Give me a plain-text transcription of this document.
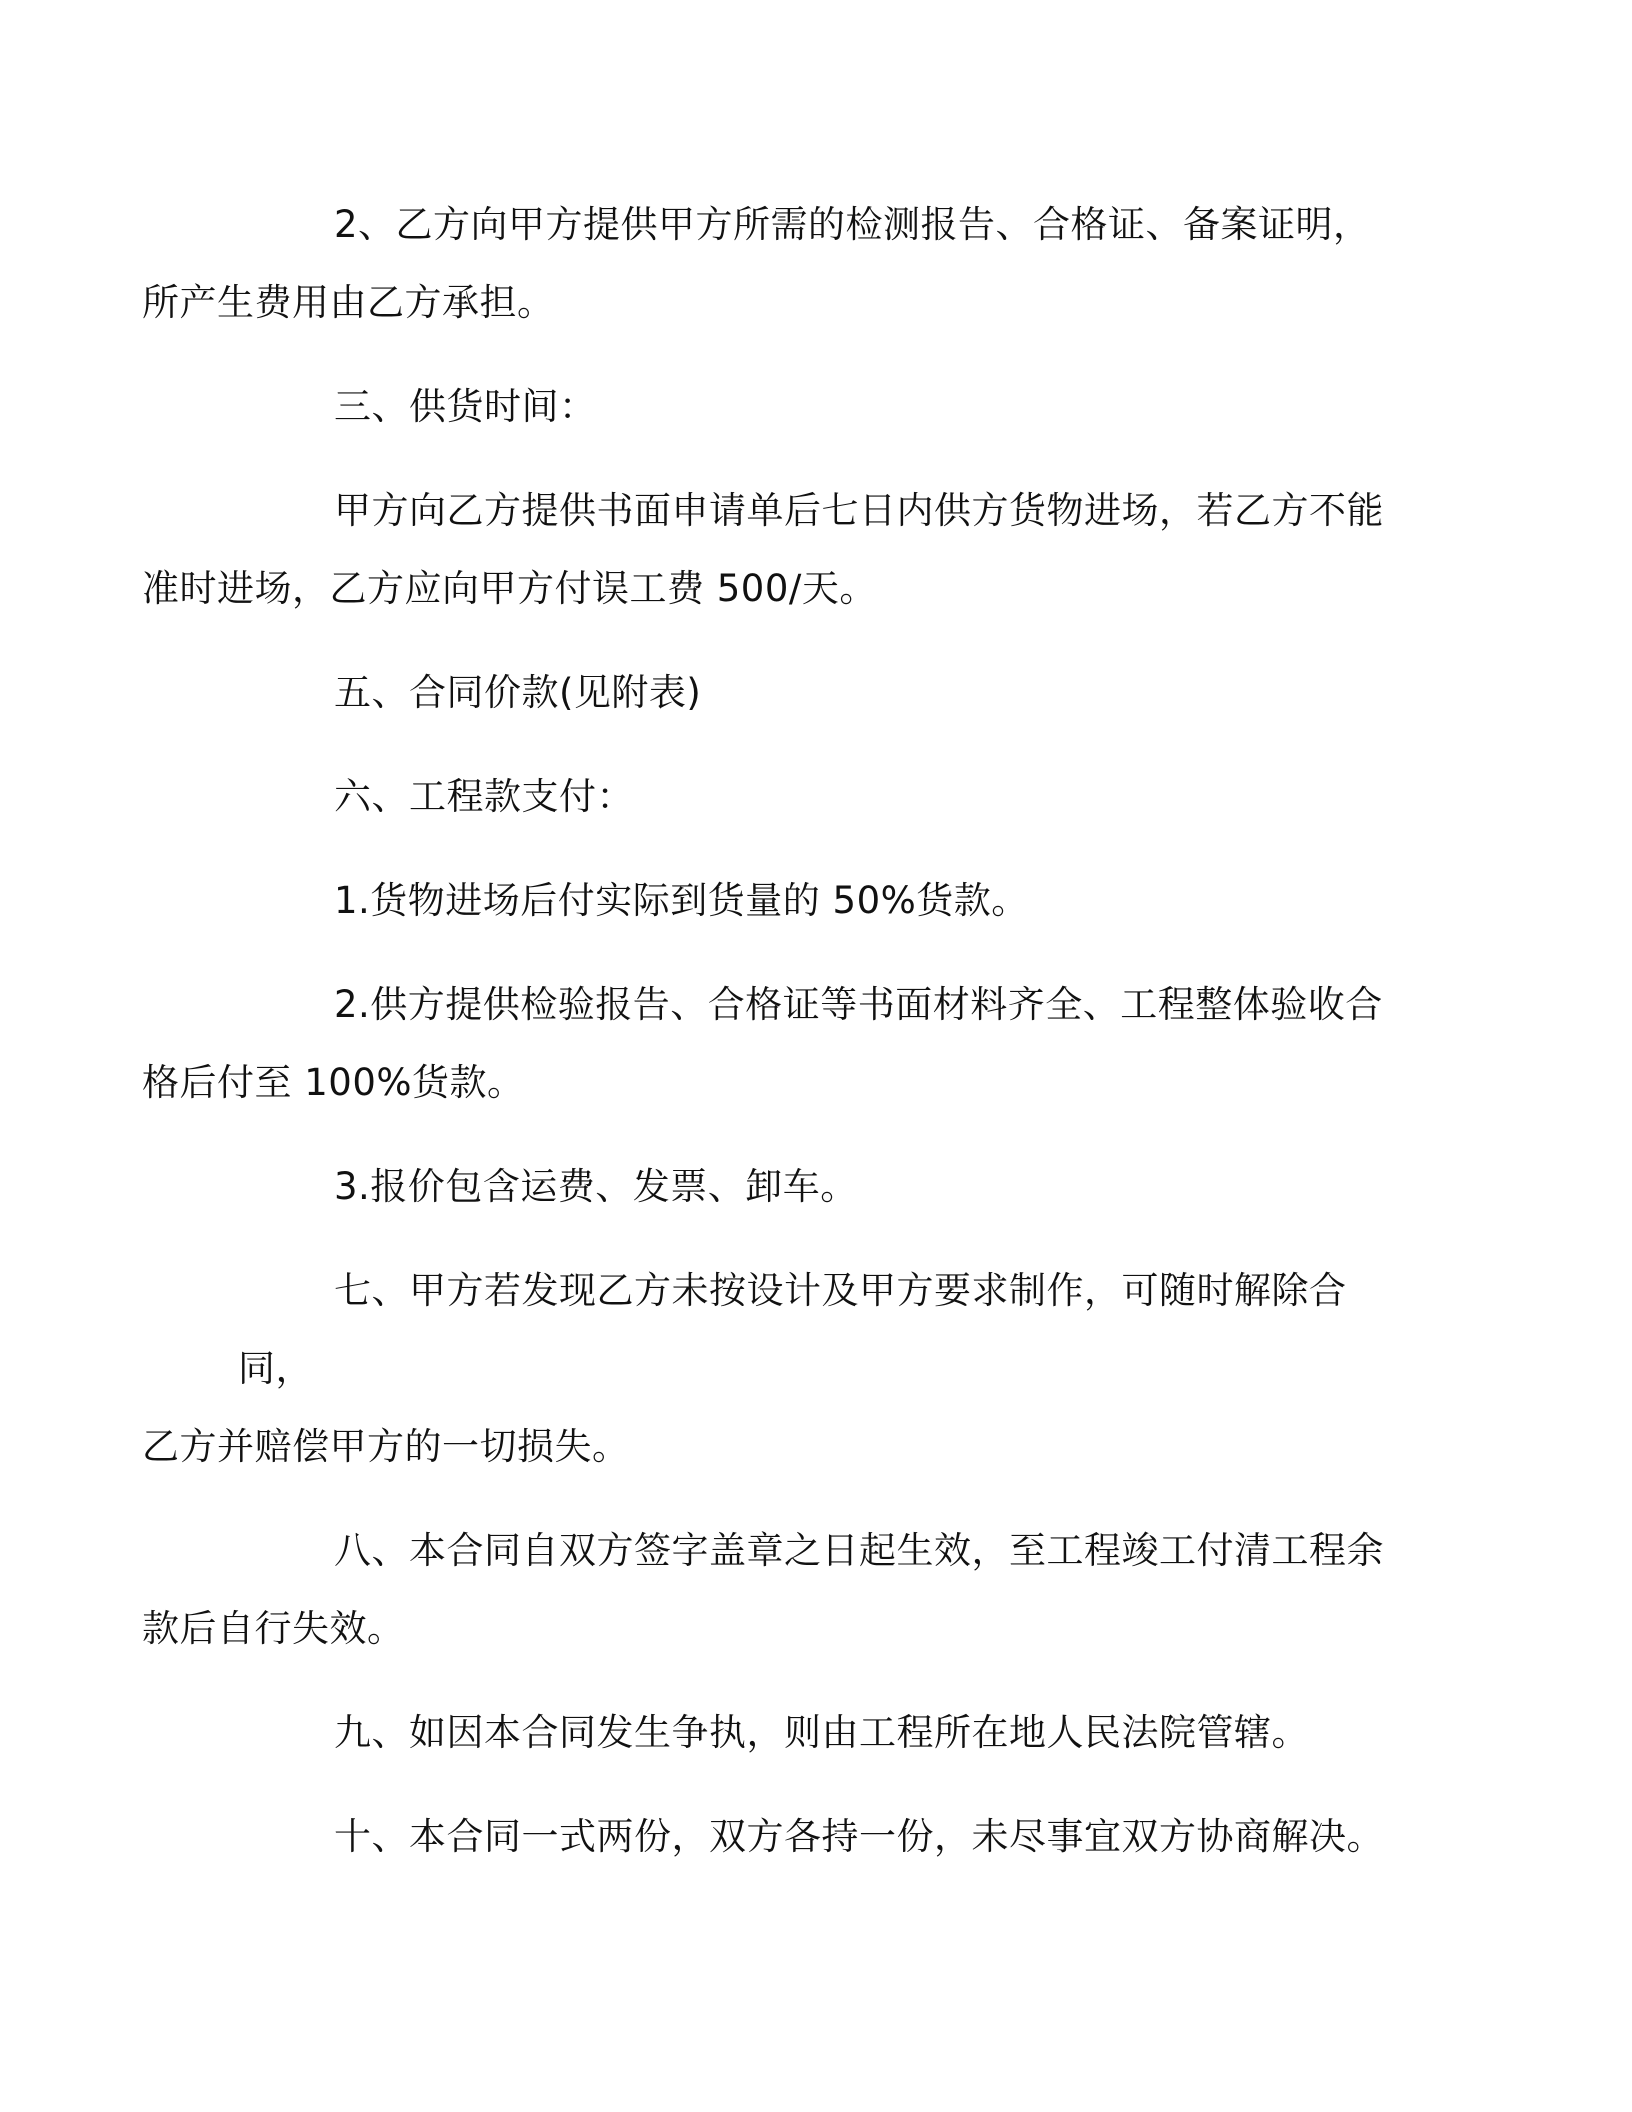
2、乙方向甲方提供甲方所需的检测报告、合格证、备案证明，
所产生费用由乙方承担。

三、供货时间：

甲方向乙方提供书面申请单后七日内供方货物进场，若乙方不能
准时进场，乙方应向甲方付误工费 500/天。

五、合同价款(见附表)

六、工程款支付：

1.货物进场后付实际到货量的 50%货款。

2.供方提供检验报告、合格证等书面材料齐全、工程整体验收合
格后付至 100%货款。

3.报价包含运费、发票、卸车。

七、甲方若发现乙方未按设计及甲方要求制作，可随时解除合同，
乙方并赔偿甲方的一切损失。

八、本合同自双方签字盖章之日起生效，至工程竣工付清工程余
款后自行失效。

九、如因本合同发生争执，则由工程所在地人民法院管辖。

十、本合同一式两份，双方各持一份，未尽事宜双方协商解决。
